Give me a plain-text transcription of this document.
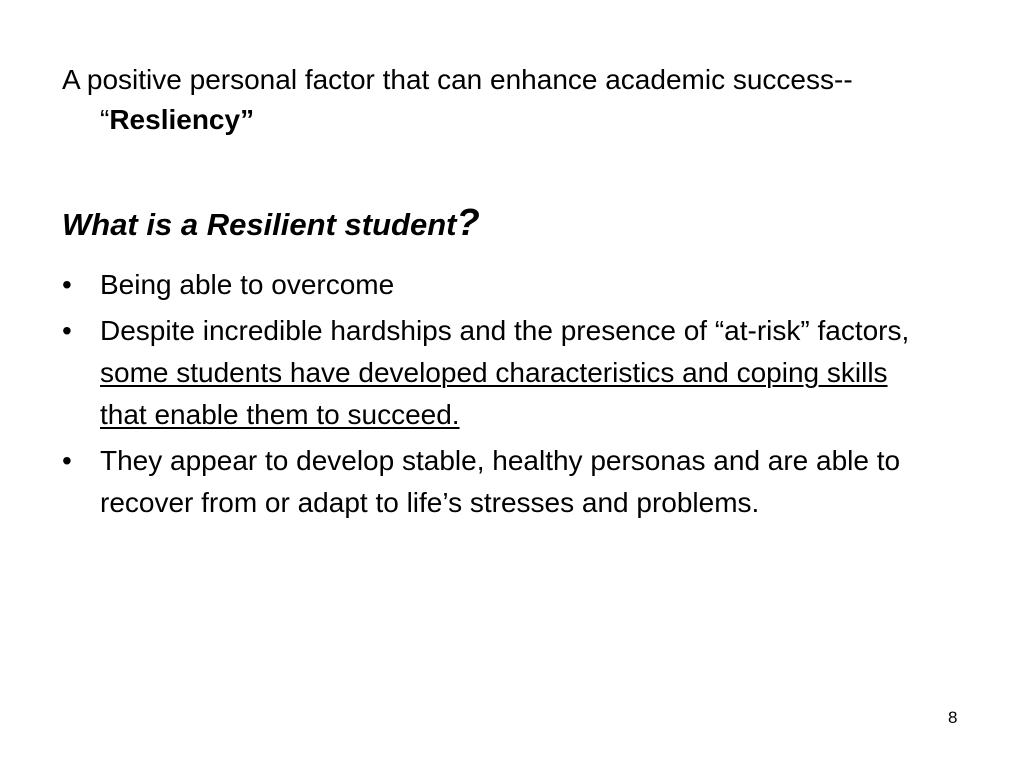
A positive personal factor that can enhance academic success-- “Resliency”

What is a Resilient student?
•	Being able to overcome
•	Despite incredible hardships and the presence of “at-risk” factors, some students have developed characteristics and coping skills that enable them to succeed.
•	They appear to develop stable, healthy personas and are able to recover from or adapt to life’s stresses and problems.
8
